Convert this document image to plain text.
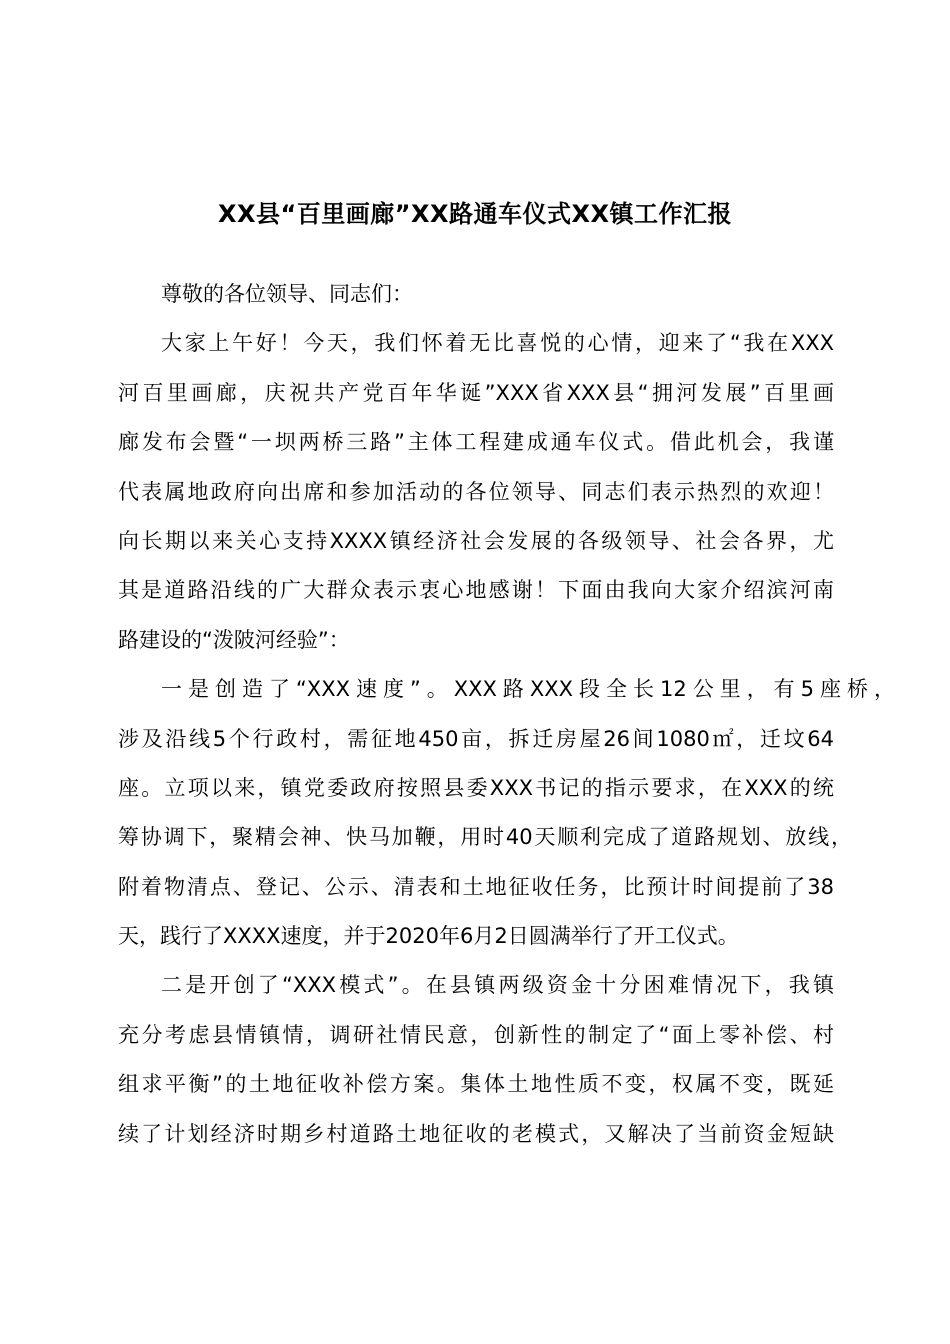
XX县“百里画廊”XX路通车仪式XX镇工作汇报
尊敬的各位领导、同志们：
大家上午好！今天，我们怀着无比喜悦的心情，迎来了“我在XXX
河百里画廊，庆祝共产党百年华诞”XXX省XXX县“拥河发展”百里画
廊发布会暨“一坝两桥三路”主体工程建成通车仪式。借此机会，我谨
代表属地政府向出席和参加活动的各位领导、同志们表示热烈的欢迎！
向长期以来关心支持XXXX镇经济社会发展的各级领导、社会各界，尤
其是道路沿线的广大群众表示衷心地感谢！下面由我向大家介绍滨河南
路建设的“泼陂河经验”：
一是创造了“XXX速度”。XXX路XXX段全长12公里，有5座桥，
涉及沿线5个行政村，需征地450亩，拆迁房屋26间1080㎡，迁坟64
座。立项以来，镇党委政府按照县委XXX书记的指示要求，在XXX的统
筹协调下，聚精会神、快马加鞭，用时40天顺利完成了道路规划、放线，
附着物清点、登记、公示、清表和土地征收任务，比预计时间提前了38
天，践行了XXXX速度，并于2020年6月2日圆满举行了开工仪式。
二是开创了“XXX模式”。在县镇两级资金十分困难情况下，我镇
充分考虑县情镇情，调研社情民意，创新性的制定了“面上零补偿、村
组求平衡”的土地征收补偿方案。集体土地性质不变，权属不变，既延
续了计划经济时期乡村道路土地征收的老模式，又解决了当前资金短缺
